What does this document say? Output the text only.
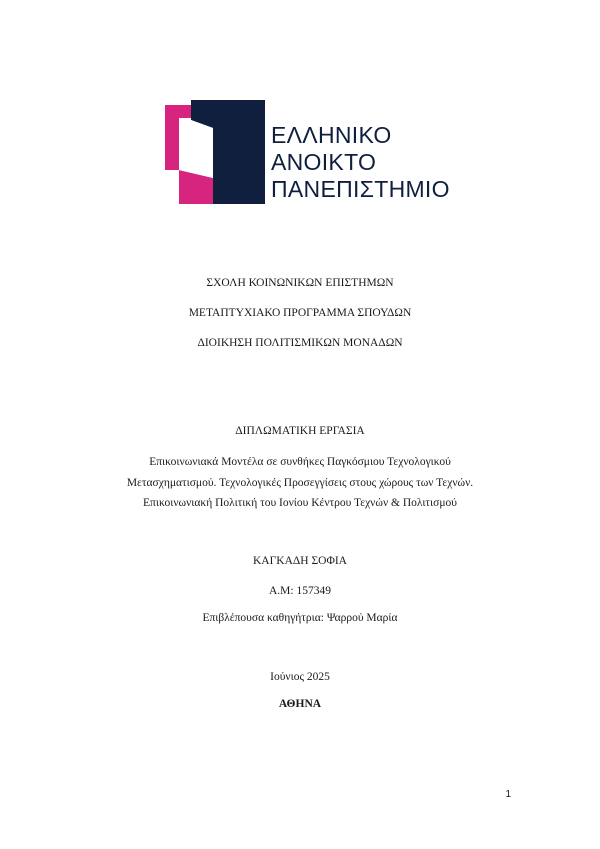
ΕΛΛΗΝΙΚΟ
ΑΝΟΙΚΤΟ
ΠΑΝΕΠΙΣΤΗΜΙΟ
ΣΧΟΛΗ ΚΟΙΝΩΝΙΚΩΝ ΕΠΙΣΤΗΜΩΝ
ΜΕΤΑΠΤΥΧΙΑΚΟ ΠΡΟΓΡΑΜΜΑ ΣΠΟΥΔΩΝ
ΔΙΟΙΚΗΣΗ ΠΟΛΙΤΙΣΜΙΚΩΝ ΜΟΝΑΔΩΝ
ΔΙΠΛΩΜΑΤΙΚΗ ΕΡΓΑΣΙΑ
Επικοινωνιακά Μοντέλα σε συνθήκες Παγκόσμιου Τεχνολογικού
Μετασχηματισμού. Τεχνολογικές Προσεγγίσεις στους χώρους των Τεχνών.
Επικοινωνιακή Πολιτική του Ιονίου Κέντρου Τεχνών & Πολιτισμού
ΚΑΓΚΑΔΗ ΣΟΦΙΑ
Α.Μ: 157349
Επιβλέπουσα καθηγήτρια: Ψαρρού Μαρία
Ιούνιος 2025
ΑΘΗΝΑ
1
